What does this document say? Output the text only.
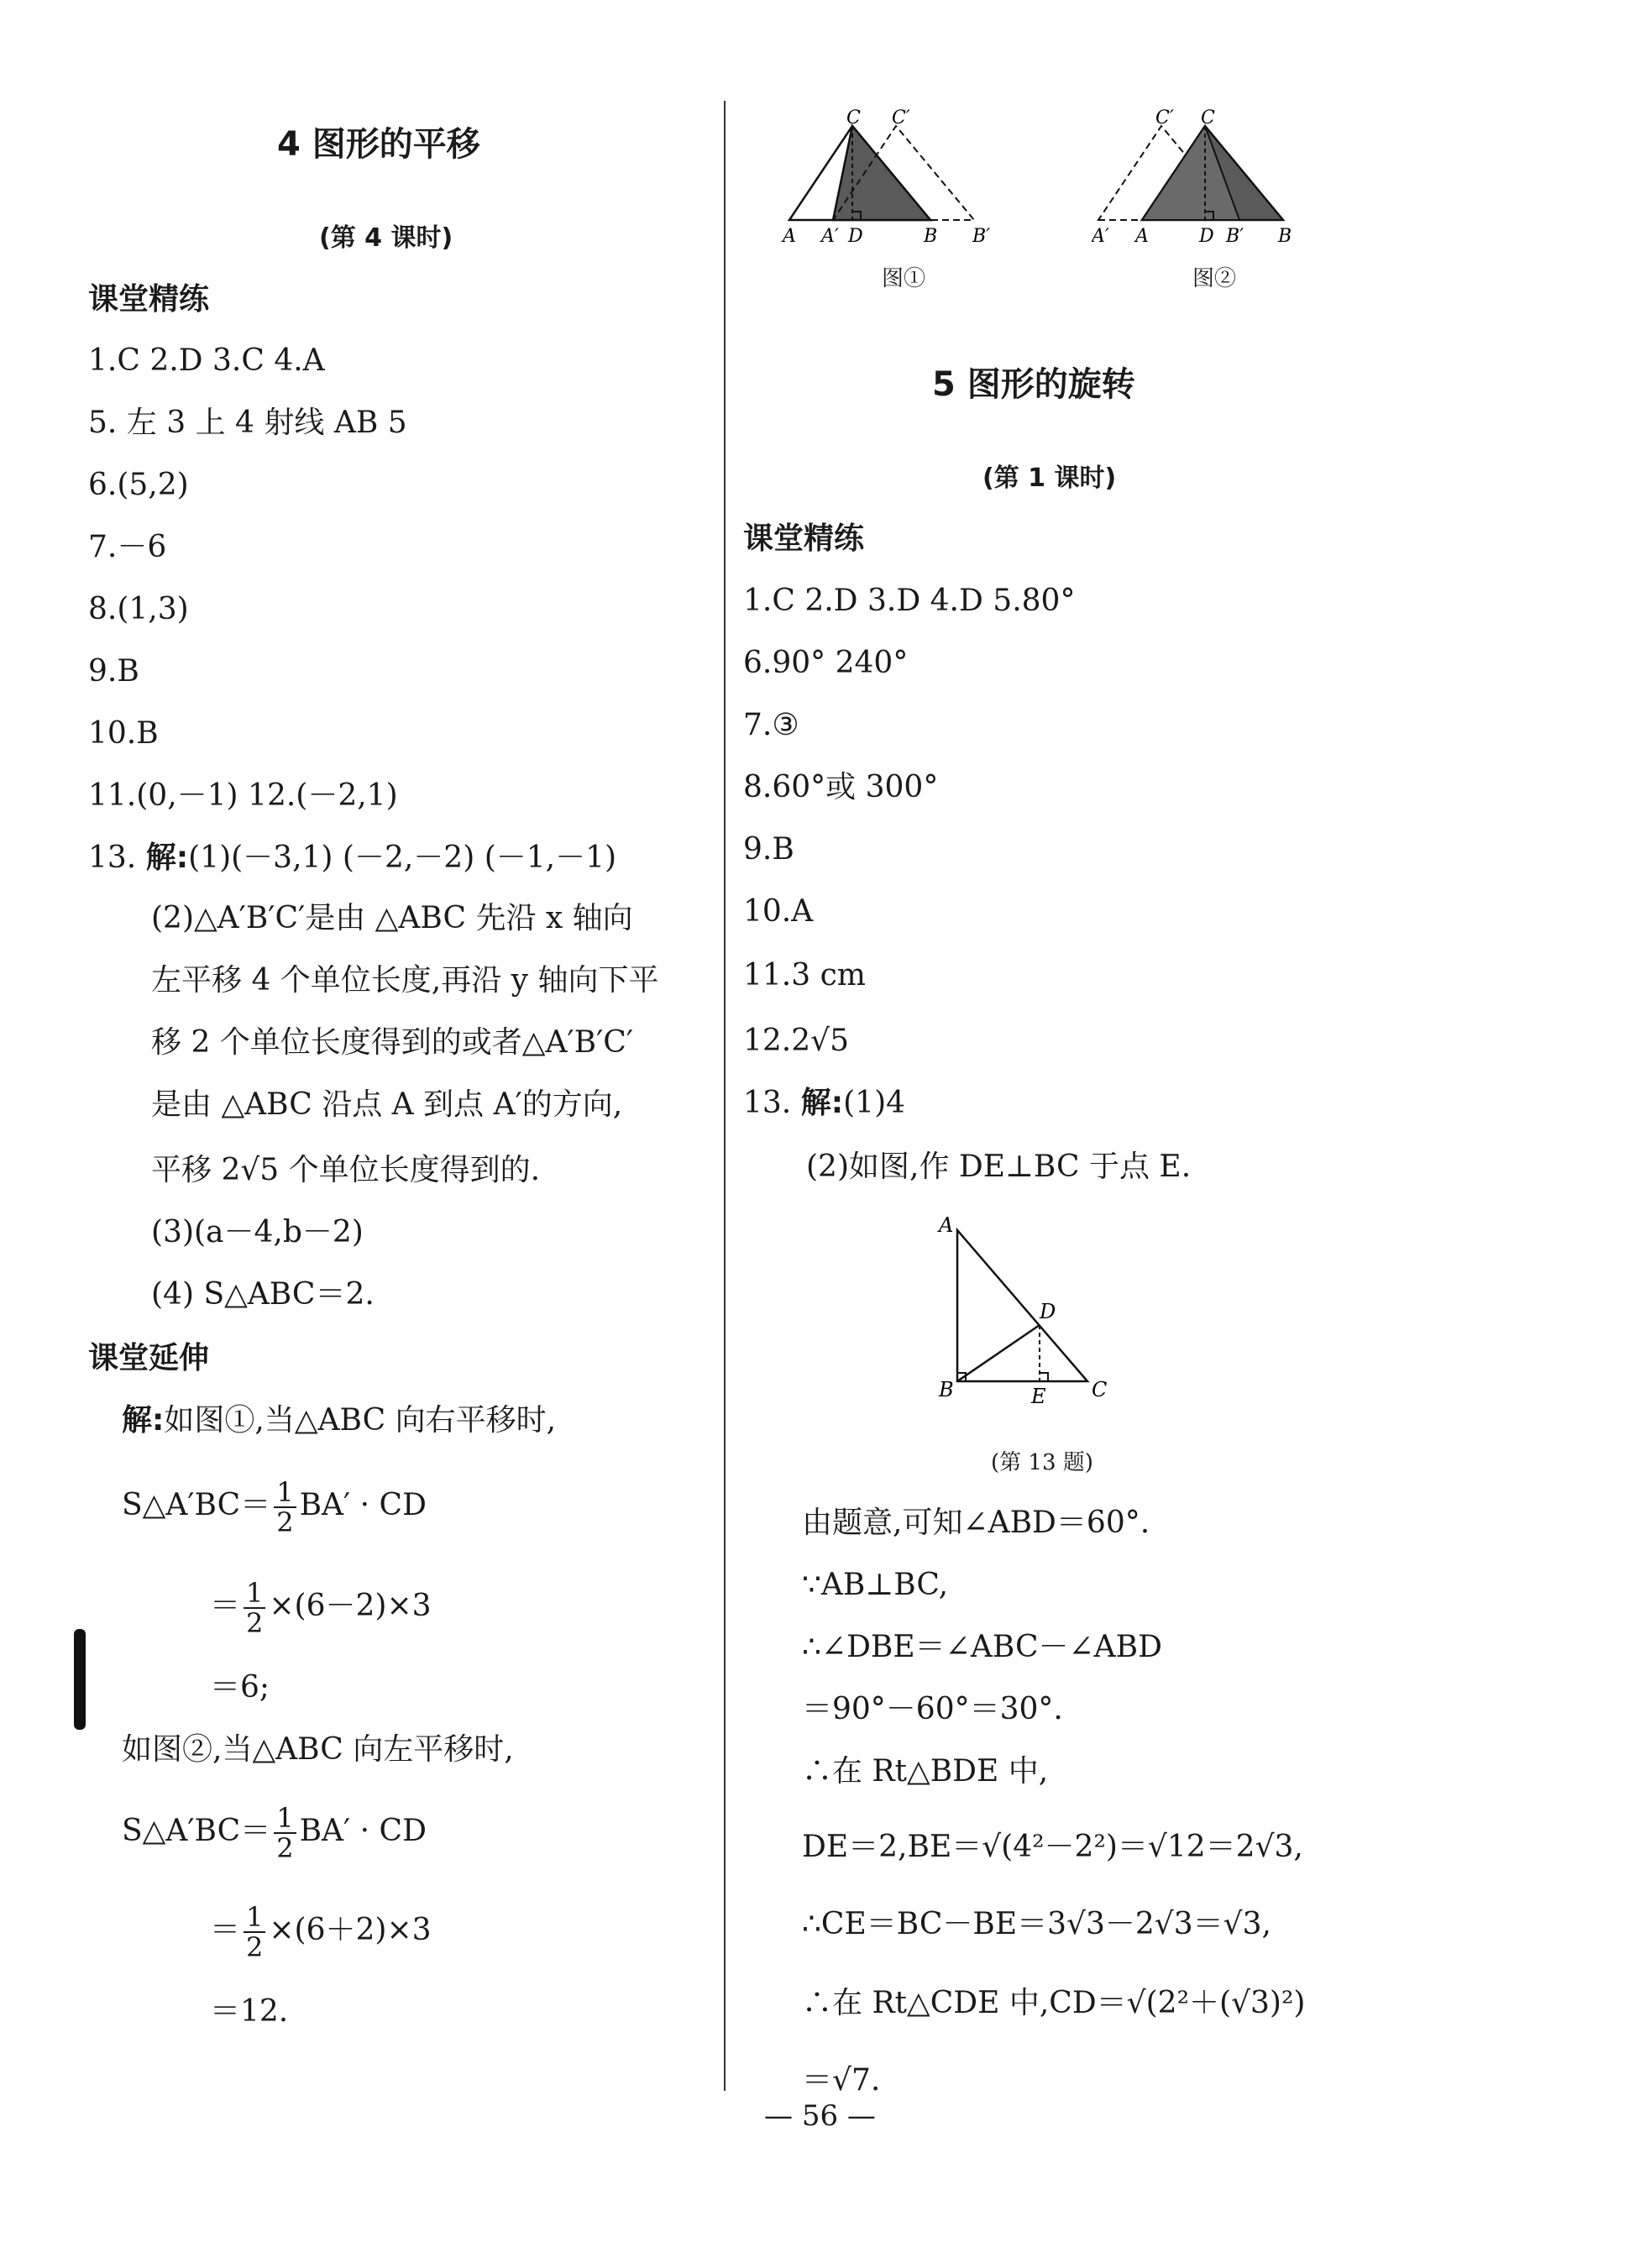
4 图形的平移
(第 4 课时)
课堂精练
1.C 2.D 3.C 4.A
5. 左 3 上 4 射线 AB 5
6.(5,2)
7.－6
8.(1,3)
9.B
10.B
11.(0,－1) 12.(－2,1)
13. 解:(1)(－3,1) (－2,－2) (－1,－1)
(2)△A′B′C′是由 △ABC 先沿 x 轴向
左平移 4 个单位长度,再沿 y 轴向下平
移 2 个单位长度得到的或者△A′B′C′
是由 △ABC 沿点 A 到点 A′的方向,
平移 2√5 个单位长度得到的.
(3)(a－4,b－2)
(4) S△ABC＝2.
课堂延伸
解:如图①,当△ABC 向右平移时,
S△A′BC＝ $\frac{1}{2} BA'$ · CD
＝ $\frac{1}{2} \times(6-2)\times 3$
＝6;
如图②,当△ABC 向左平移时,
S△A′BC＝ $\frac{1}{2} BA'$ · CD
＝ $\frac{1}{2} \times(6+2)\times 3$
＝12.
A A′ D	B B′
C C′
图①
A′ A	D B′ B
C′ C
图②
5 图形的旋转
(第 1 课时)
课堂精练
1.C 2.D 3.D 4.D 5.80°
6.90° 240°
7.③
8.60°或 300°
9.B
10.A
11.3 cm
12.2√5
13. 解:(1)4
(2)如图,作 DE⊥BC 于点 E.
A
D
B	E C
(第 13 题)
由题意,可知∠ABD＝60°.
∵AB⊥BC,
∴∠DBE＝∠ABC－∠ABD
＝90°－60°＝30°.
∴在 Rt△BDE 中,
DE＝2,BE＝√(4²－2²)＝√12＝2√3,
∴CE＝BC－BE＝3√3－2√3＝√3,
∴在 Rt△CDE 中,CD＝√(2²＋(√3)²)
＝√7.
— 56 —
